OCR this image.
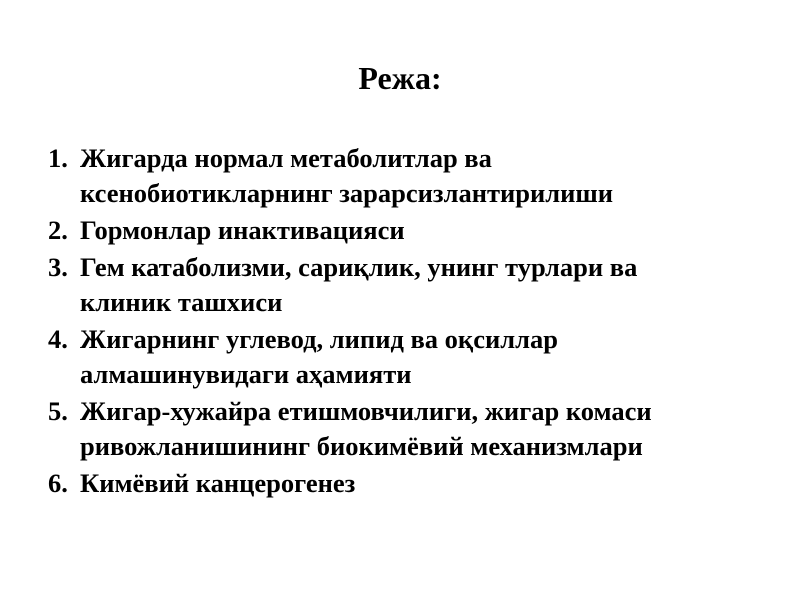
Режа:
1. Жигарда нормал метаболитлар ва
ксенобиотикларнинг зарарсизлантирилиши
2. Гормонлар инактивацияси
3. Гем катаболизми, сариқлик, унинг турлари ва
клиник ташхиси
4. Жигарнинг углевод, липид ва оқсиллар
алмашинувидаги аҳамияти
5. Жигар-хужайра етишмовчилиги, жигар комаси
ривожланишининг биокимёвий механизмлари
6. Кимёвий канцерогенез
